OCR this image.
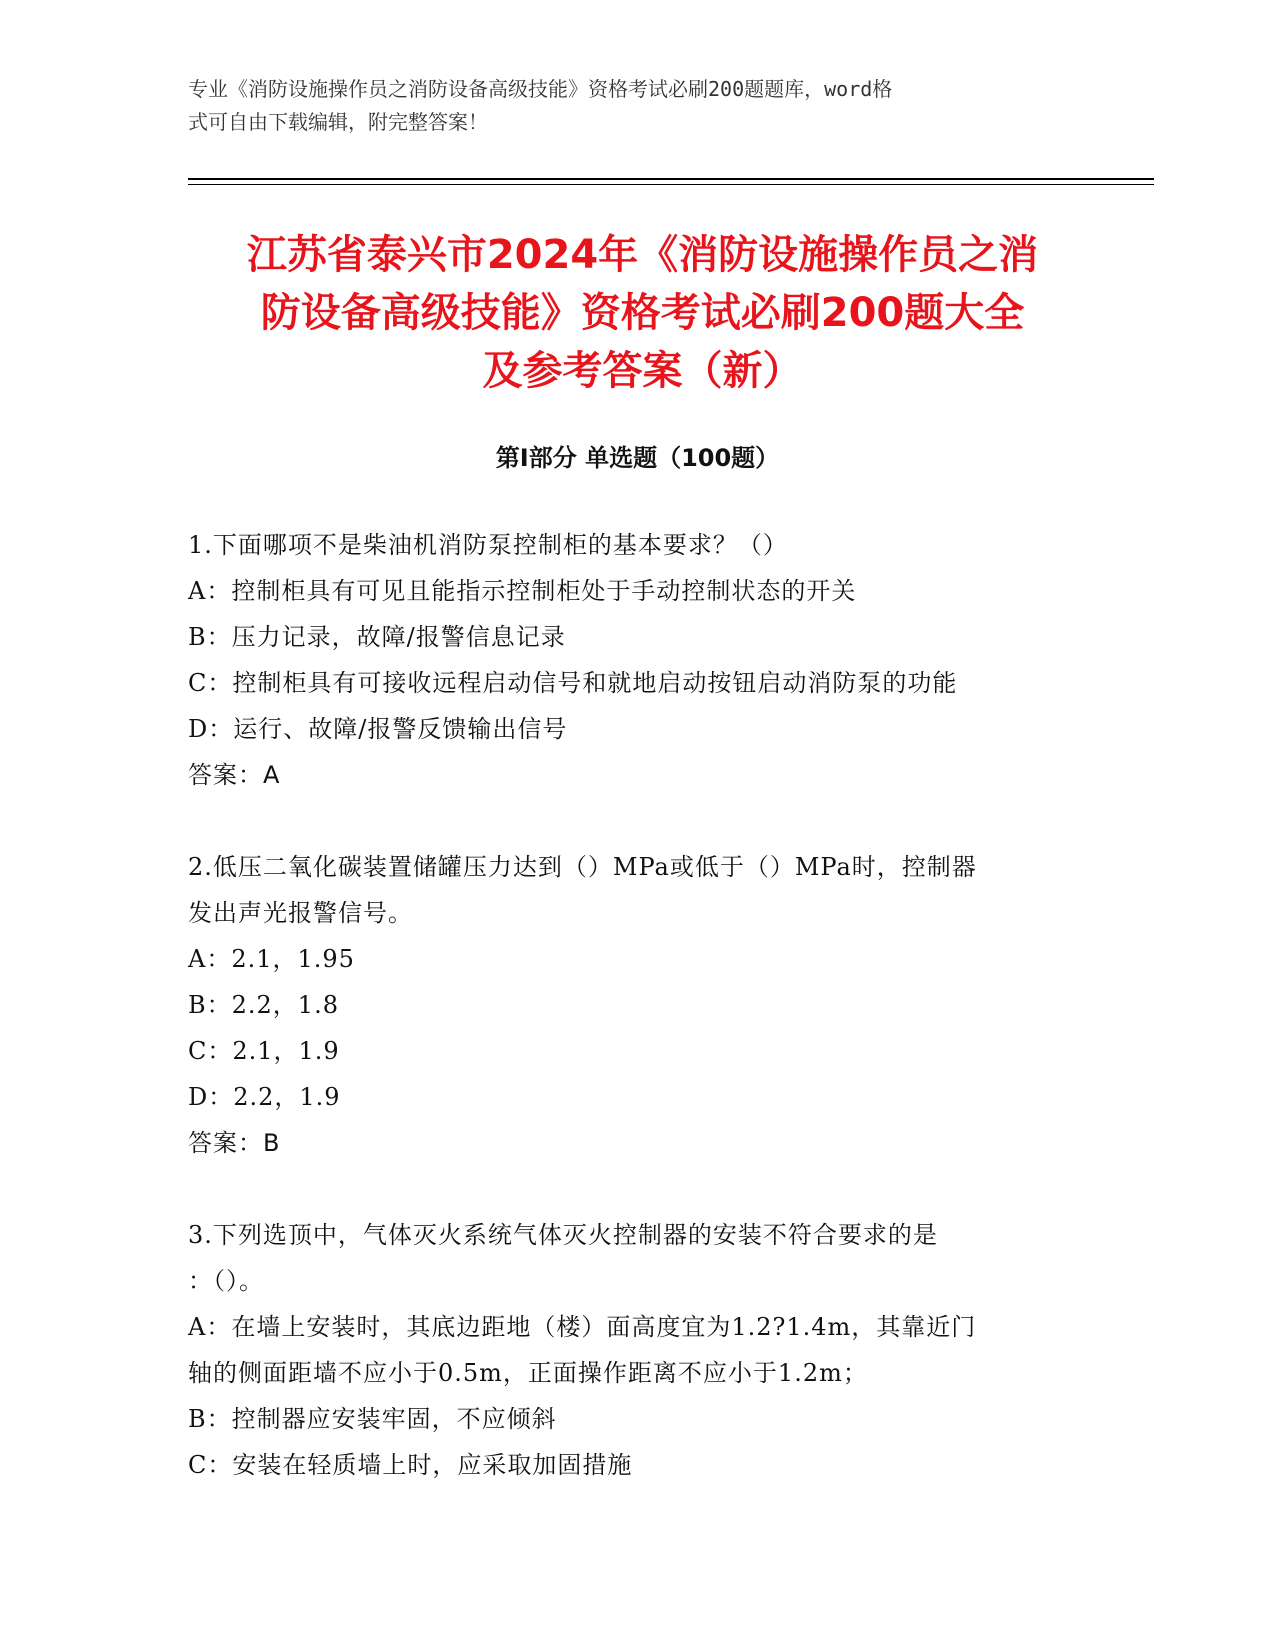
专业《消防设施操作员之消防设备高级技能》资格考试必刷200题题库，word格
式可自由下载编辑，附完整答案！
江苏省泰兴市2024年《消防设施操作员之消
防设备高级技能》资格考试必刷200题大全
及参考答案（新）
第Ⅰ部分 单选题（100题）
1.下面哪项不是柴油机消防泵控制柜的基本要求？（）
A：控制柜具有可见且能指示控制柜处于手动控制状态的开关
B：压力记录，故障/报警信息记录
C：控制柜具有可接收远程启动信号和就地启动按钮启动消防泵的功能
D：运行、故障/报警反馈输出信号
答案：A
2.低压二氧化碳装置储罐压力达到（）MPa或低于（）MPa时，控制器
发出声光报警信号。
A：2.1，1.95
B：2.2，1.8
C：2.1，1.9
D：2.2，1.9
答案：B
3.下列选顶中，气体灭火系统气体灭火控制器的安装不符合要求的是
：（）。
A：在墙上安装时，其底边距地（楼）面高度宜为1.2?1.4m，其靠近门
轴的侧面距墙不应小于0.5m，正面操作距离不应小于1.2m；
B：控制器应安装牢固，不应倾斜
C：安装在轻质墙上时，应采取加固措施
